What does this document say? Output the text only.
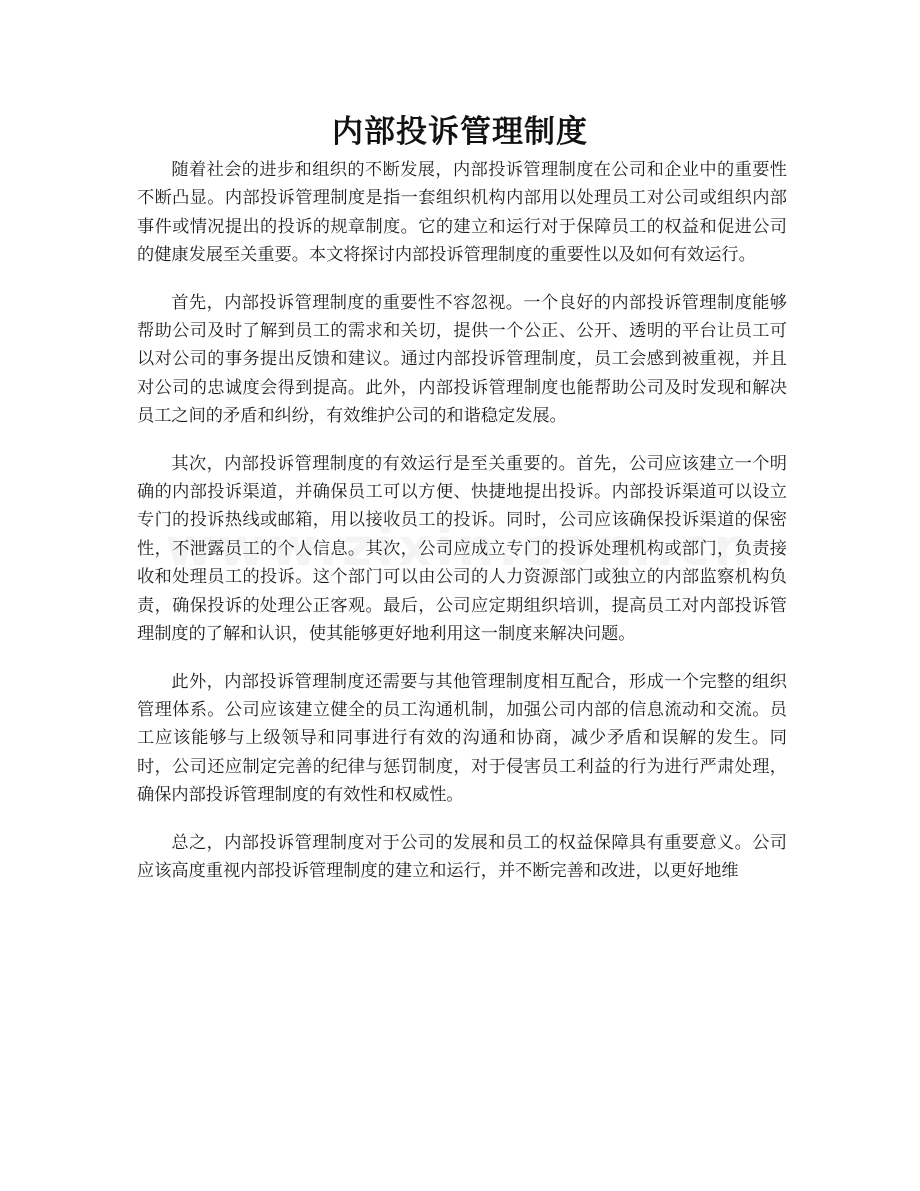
内部投诉管理制度

随着社会的进步和组织的不断发展，内部投诉管理制度在公司和企业中的重要性不断凸显。内部投诉管理制度是指一套组织机构内部用以处理员工对公司或组织内部事件或情况提出的投诉的规章制度。它的建立和运行对于保障员工的权益和促进公司的健康发展至关重要。本文将探讨内部投诉管理制度的重要性以及如何有效运行。

首先，内部投诉管理制度的重要性不容忽视。一个良好的内部投诉管理制度能够帮助公司及时了解到员工的需求和关切，提供一个公正、公开、透明的平台让员工可以对公司的事务提出反馈和建议。通过内部投诉管理制度，员工会感到被重视，并且对公司的忠诚度会得到提高。此外，内部投诉管理制度也能帮助公司及时发现和解决员工之间的矛盾和纠纷，有效维护公司的和谐稳定发展。

其次，内部投诉管理制度的有效运行是至关重要的。首先，公司应该建立一个明确的内部投诉渠道，并确保员工可以方便、快捷地提出投诉。内部投诉渠道可以设立专门的投诉热线或邮箱，用以接收员工的投诉。同时，公司应该确保投诉渠道的保密性，不泄露员工的个人信息。其次，公司应成立专门的投诉处理机构或部门，负责接收和处理员工的投诉。这个部门可以由公司的人力资源部门或独立的内部监察机构负责，确保投诉的处理公正客观。最后，公司应定期组织培训，提高员工对内部投诉管理制度的了解和认识，使其能够更好地利用这一制度来解决问题。

此外，内部投诉管理制度还需要与其他管理制度相互配合，形成一个完整的组织管理体系。公司应该建立健全的员工沟通机制，加强公司内部的信息流动和交流。员工应该能够与上级领导和同事进行有效的沟通和协商，减少矛盾和误解的发生。同时，公司还应制定完善的纪律与惩罚制度，对于侵害员工利益的行为进行严肃处理，确保内部投诉管理制度的有效性和权威性。

总之，内部投诉管理制度对于公司的发展和员工的权益保障具有重要意义。公司应该高度重视内部投诉管理制度的建立和运行，并不断完善和改进，以更好地维
